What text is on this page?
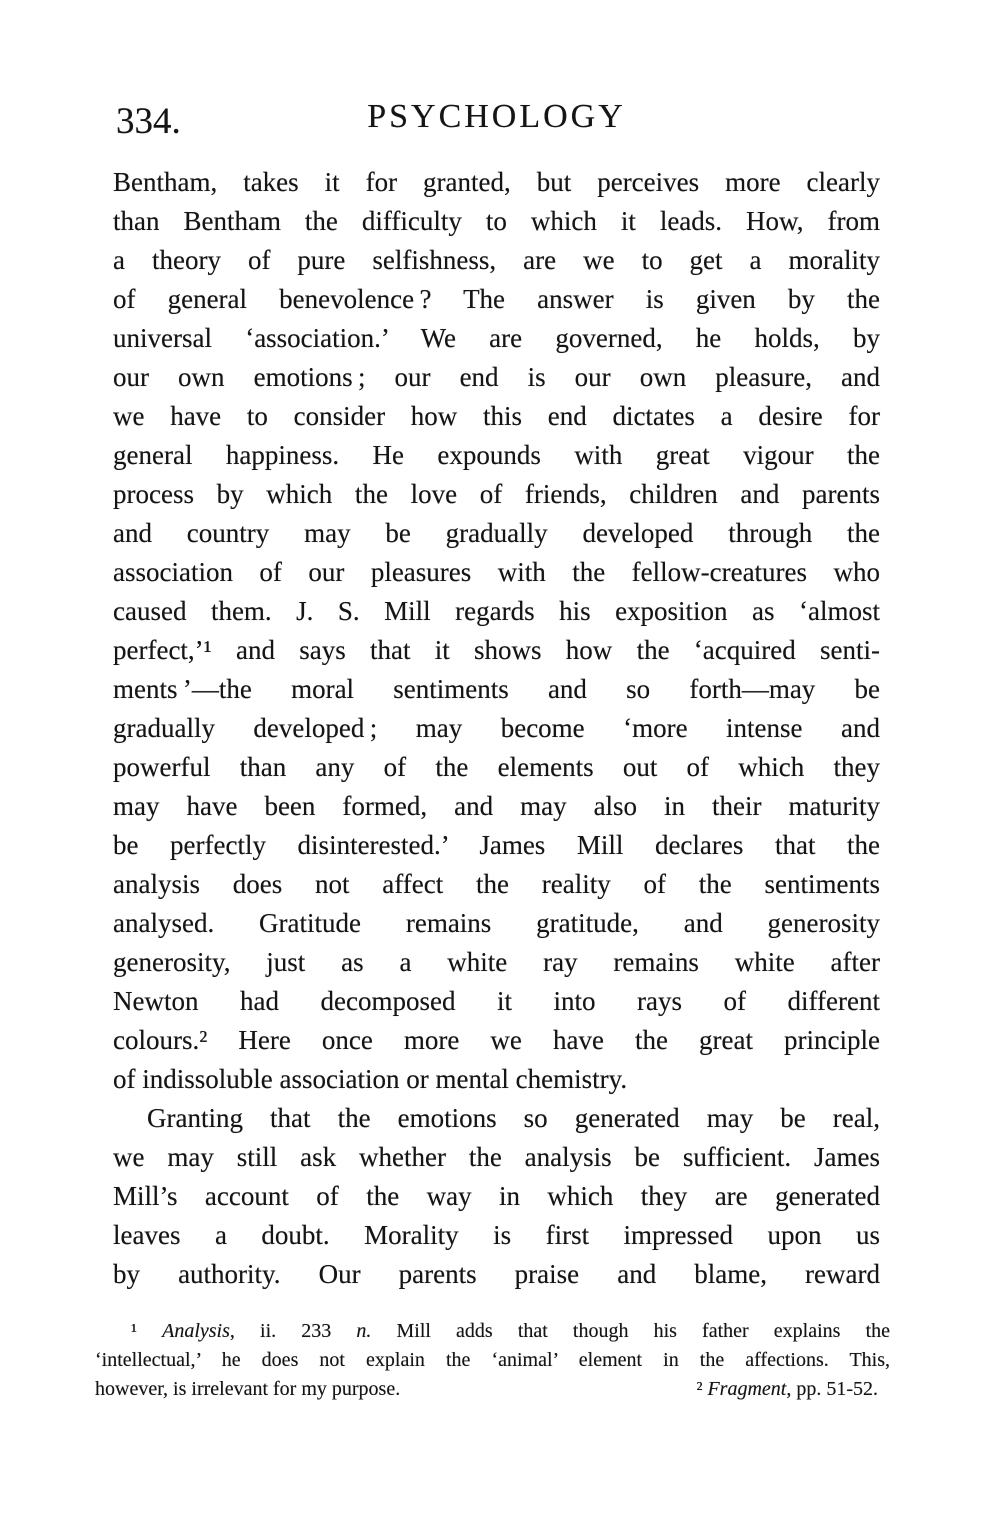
334.	PSYCHOLOGY
Bentham, takes it for granted, but perceives more clearly
than Bentham the difficulty to which it leads. How, from
a theory of pure selfishness, are we to get a morality
of general benevolence ? The answer is given by the
universal ‘association.’ We are governed, he holds, by
our own emotions ; our end is our own pleasure, and
we have to consider how this end dictates a desire for
general happiness. He expounds with great vigour the
process by which the love of friends, children and parents
and country may be gradually developed through the
association of our pleasures with the fellow-creatures who
caused them. J. S. Mill regards his exposition as ‘almost
perfect,’¹ and says that it shows how the ‘acquired senti-
ments ’—the moral sentiments and so forth—may be
gradually developed ; may become ‘more intense and
powerful than any of the elements out of which they
may have been formed, and may also in their maturity
be perfectly disinterested.’ James Mill declares that the
analysis does not affect the reality of the sentiments
analysed. Gratitude remains gratitude, and generosity
generosity, just as a white ray remains white after
Newton had decomposed it into rays of different
colours.² Here once more we have the great principle
of indissoluble association or mental chemistry.
Granting that the emotions so generated may be real,
we may still ask whether the analysis be sufficient. James
Mill’s account of the way in which they are generated
leaves a doubt. Morality is first impressed upon us
by authority. Our parents praise and blame, reward
¹ Analysis, ii. 233 n. Mill adds that though his father explains the
‘intellectual,’ he does not explain the ‘animal’ element in the affections. This,
however, is irrelevant for my purpose.	² Fragment, pp. 51-52.
